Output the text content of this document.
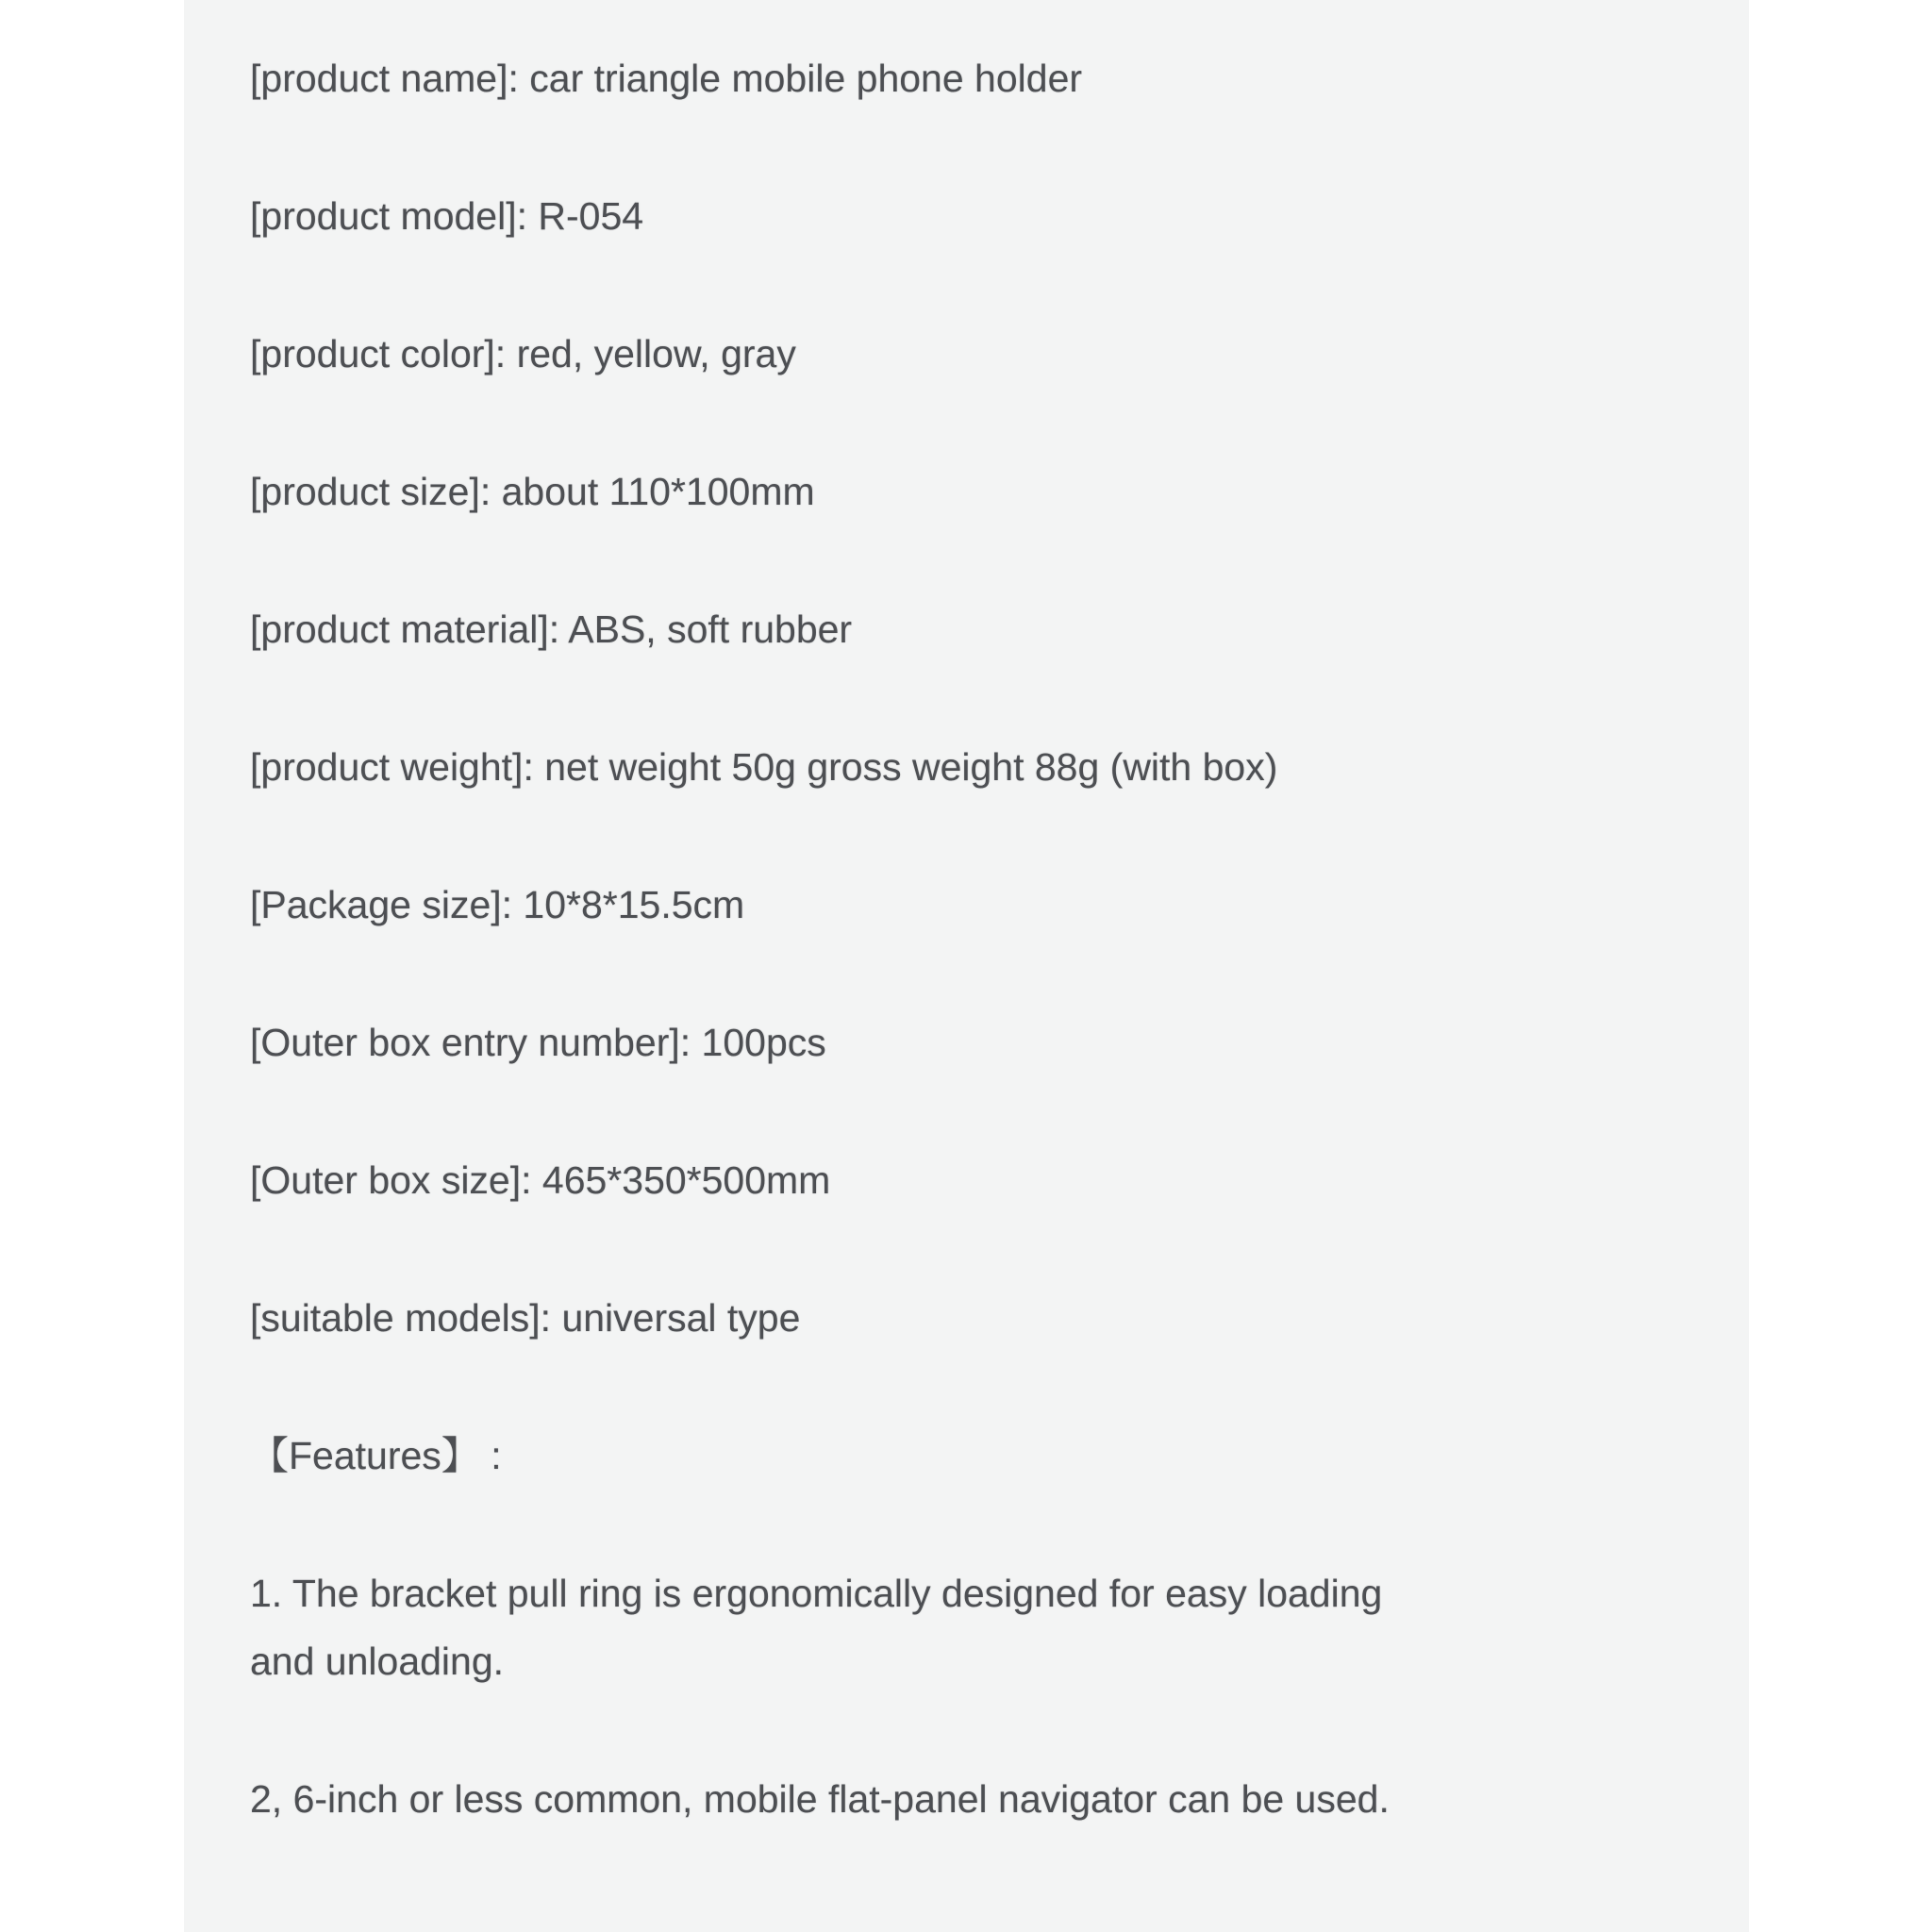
[product name]: car triangle mobile phone holder

[product model]: R-054

[product color]: red, yellow, gray

[product size]: about 110*100mm

[product material]: ABS, soft rubber

[product weight]: net weight 50g gross weight 88g (with box)

[Package size]: 10*8*15.5cm

[Outer box entry number]: 100pcs

[Outer box size]: 465*350*500mm

[suitable models]: universal type

【Features】 :

1. The bracket pull ring is ergonomically designed for easy loading
and unloading.

2, 6-inch or less common, mobile flat-panel navigator can be used.
